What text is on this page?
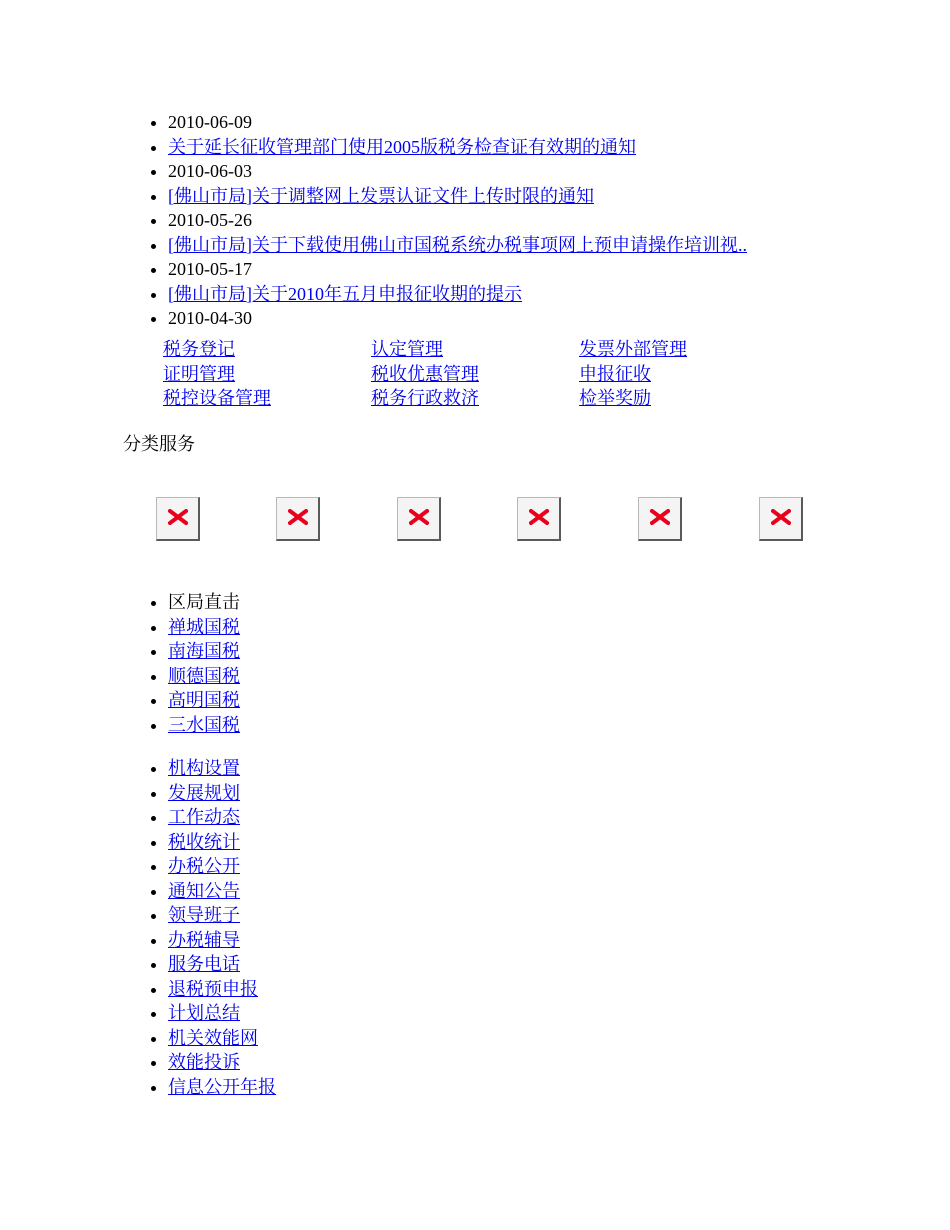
• 2010-06-09
• 关于延长征收管理部门使用2005版税务检查证有效期的通知
• 2010-06-03
• [佛山市局]关于调整网上发票认证文件上传时限的通知
• 2010-05-26
• [佛山市局]关于下载使用佛山市国税系统办税事项网上预申请操作培训视..
• 2010-05-17
• [佛山市局]关于2010年五月申报征收期的提示
• 2010-04-30
税务登记	认定管理	发票外部管理
证明管理	税收优惠管理	申报征收
税控设备管理	税务行政救济	检举奖励
分类服务
• 区局直击
• 禅城国税
• 南海国税
• 顺德国税
• 高明国税
• 三水国税
• 机构设置
• 发展规划
• 工作动态
• 税收统计
• 办税公开
• 通知公告
• 领导班子
• 办税辅导
• 服务电话
• 退税预申报
• 计划总结
• 机关效能网
• 效能投诉
• 信息公开年报
